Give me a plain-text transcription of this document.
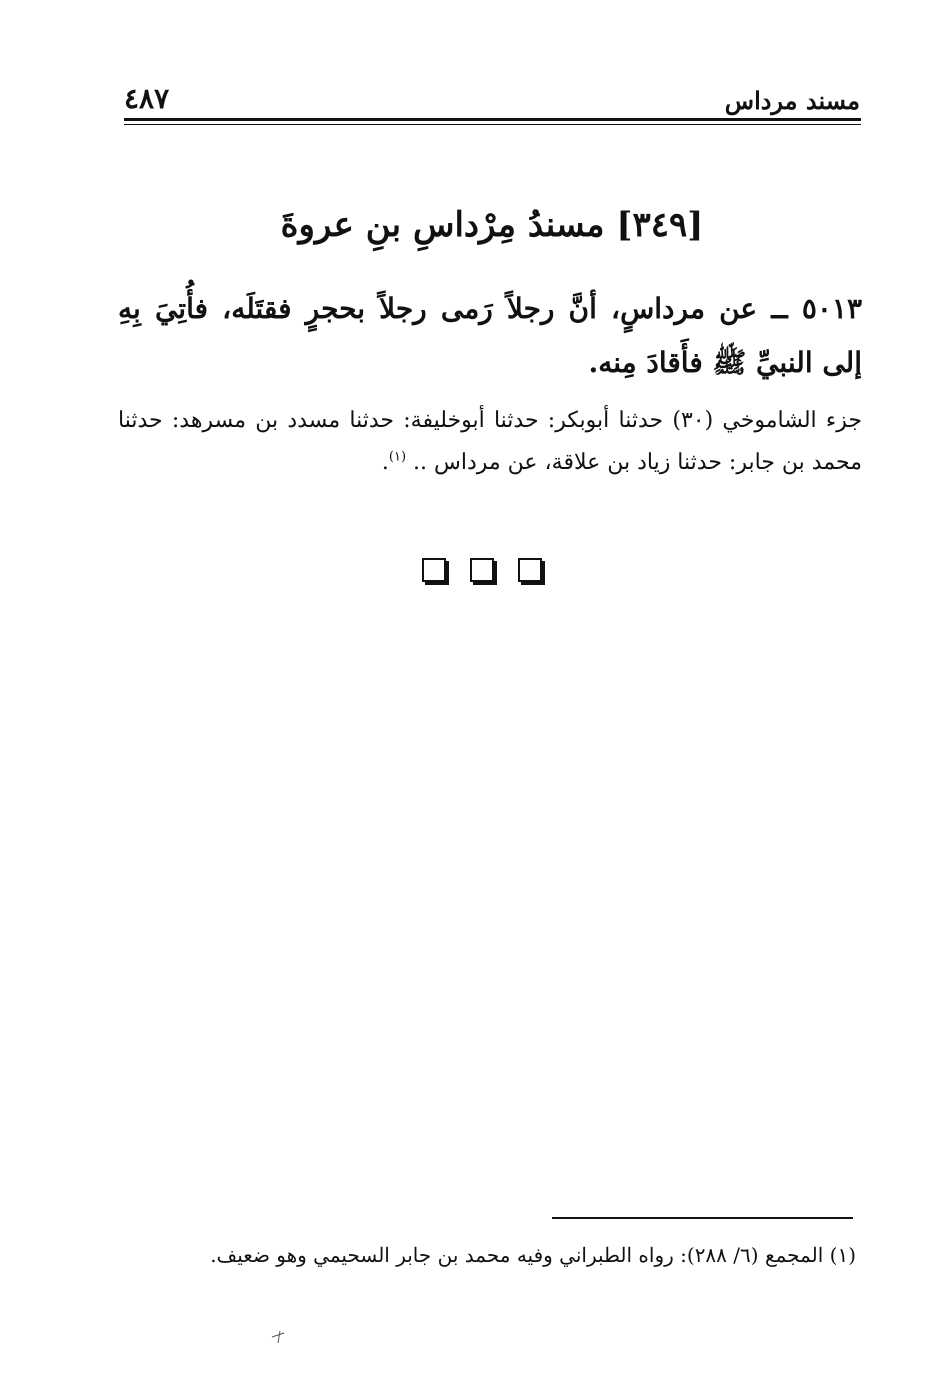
٤٨٧	مسند مرداس
[٣٤٩] مسندُ مِرْداسِ بنِ عروةَ
٥٠١٣ ــ عن مرداسٍ، أنَّ رجلاً رَمى رجلاً بحجرٍ فقتَلَه، فأُتِيَ بِهِ إلى النبيِّ ﷺ فأَقادَ مِنه.
جزء الشاموخي (٣٠) حدثنا أبوبكر: حدثنا أبوخليفة: حدثنا مسدد بن مسرهد: حدثنا محمد بن جابر: حدثنا زياد بن علاقة، عن مرداس .. $^{(١)}$.
(١) المجمع (٦/ ٢٨٨): رواه الطبراني وفيه محمد بن جابر السحيمي وهو ضعيف.
